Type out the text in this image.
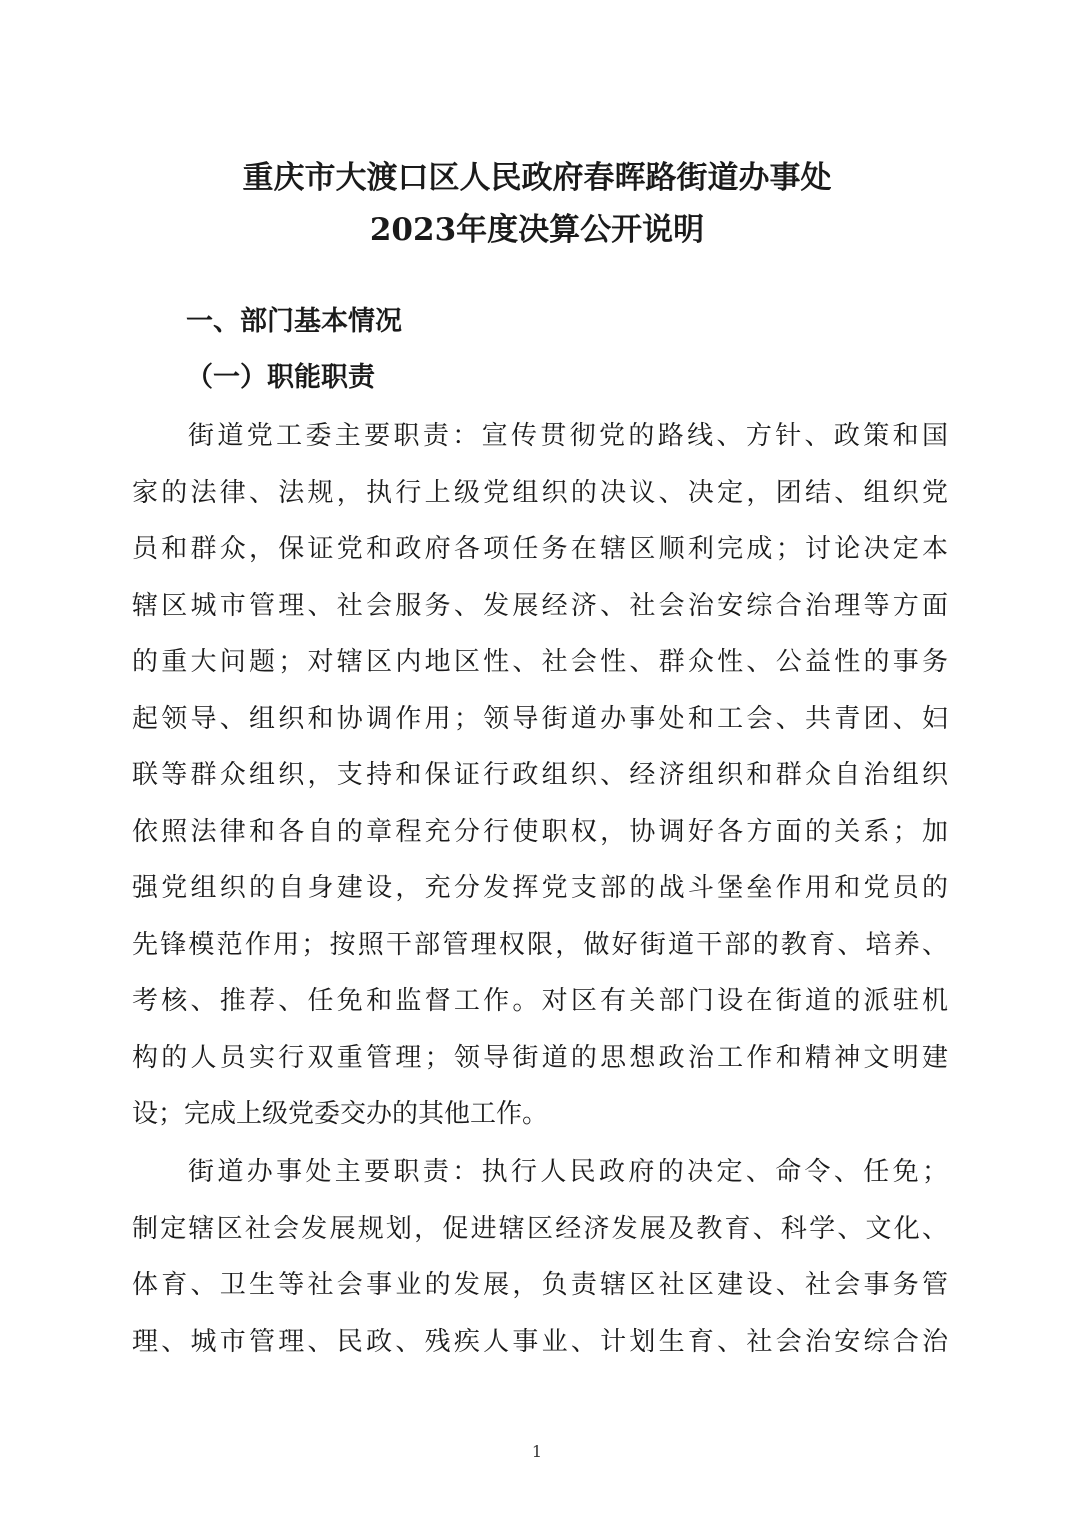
重庆市大渡口区人民政府春晖路街道办事处
2023年度决算公开说明
一、部门基本情况
（一）职能职责
街道党工委主要职责：宣传贯彻党的路线、方针、政策和国
家的法律、法规，执行上级党组织的决议、决定，团结、组织党
员和群众，保证党和政府各项任务在辖区顺利完成；讨论决定本
辖区城市管理、社会服务、发展经济、社会治安综合治理等方面
的重大问题；对辖区内地区性、社会性、群众性、公益性的事务
起领导、组织和协调作用；领导街道办事处和工会、共青团、妇
联等群众组织，支持和保证行政组织、经济组织和群众自治组织
依照法律和各自的章程充分行使职权，协调好各方面的关系；加
强党组织的自身建设，充分发挥党支部的战斗堡垒作用和党员的
先锋模范作用；按照干部管理权限，做好街道干部的教育、培养、
考核、推荐、任免和监督工作。对区有关部门设在街道的派驻机
构的人员实行双重管理；领导街道的思想政治工作和精神文明建
设；完成上级党委交办的其他工作。
街道办事处主要职责：执行人民政府的决定、命令、任免；
制定辖区社会发展规划，促进辖区经济发展及教育、科学、文化、
体育、卫生等社会事业的发展，负责辖区社区建设、社会事务管
理、城市管理、民政、残疾人事业、计划生育、社会治安综合治
1
